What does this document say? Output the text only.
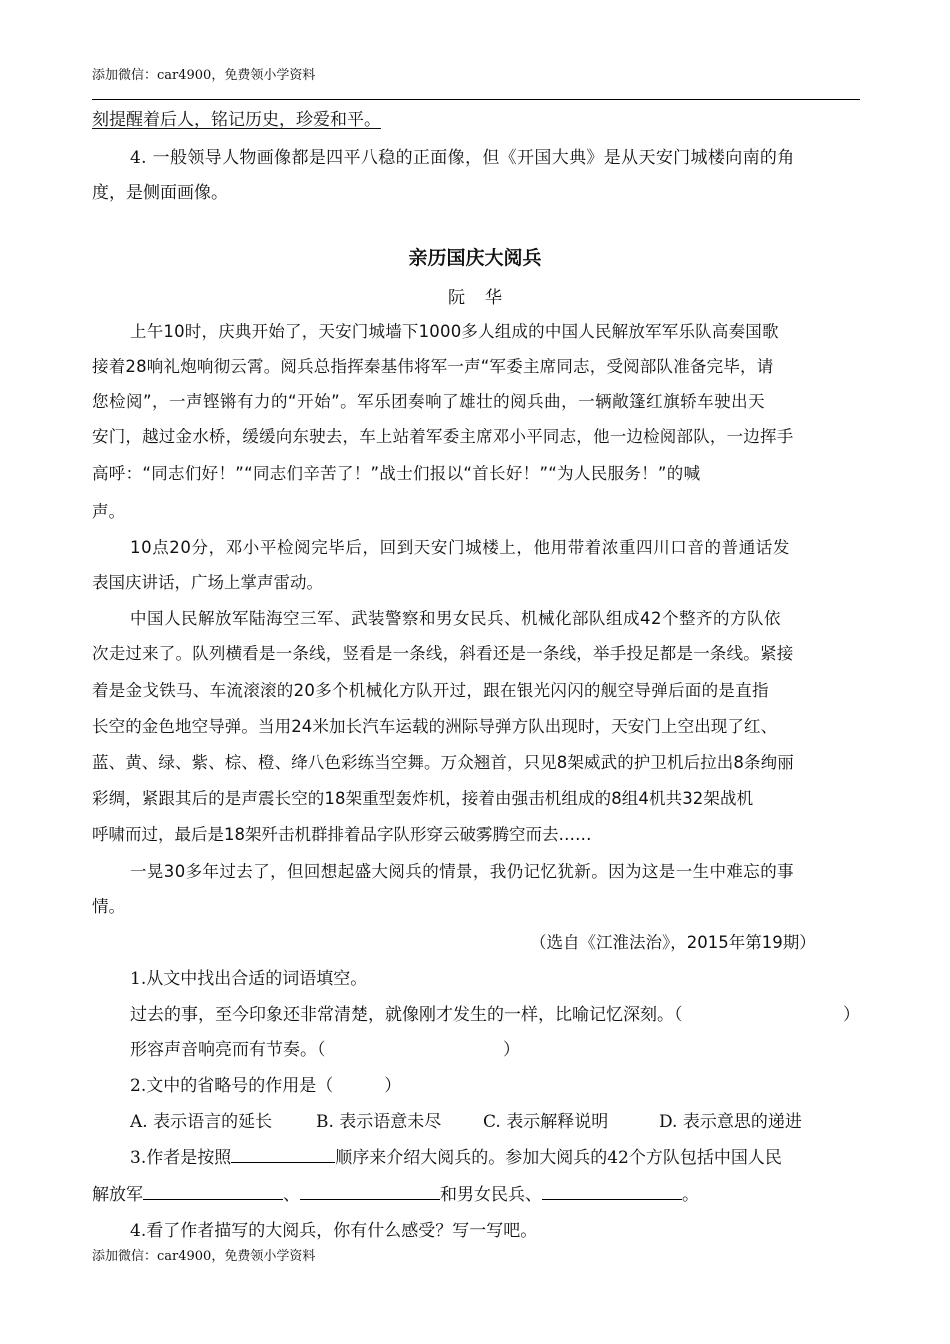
添加微信：car4900，免费领小学资料
刻提醒着后人，铭记历史，珍爱和平。
4. 一般领导人物画像都是四平八稳的正面像，但《开国大典》是从天安门城楼向南的角
度，是侧面画像。
亲历国庆大阅兵
阮华
上午10时，庆典开始了，天安门城墙下1000多人组成的中国人民解放军军乐队高奏国歌
接着28响礼炮响彻云霄。阅兵总指挥秦基伟将军一声“军委主席同志，受阅部队准备完毕，请
您检阅”，一声铿锵有力的“开始”。军乐团奏响了雄壮的阅兵曲，一辆敞篷红旗轿车驶出天
安门，越过金水桥，缓缓向东驶去，车上站着军委主席邓小平同志，他一边检阅部队，一边挥手
高呼：“同志们好！”“同志们辛苦了！”战士们报以“首长好！”“为人民服务！”的喊
声。
10点20分，邓小平检阅完毕后，回到天安门城楼上，他用带着浓重四川口音的普通话发
表国庆讲话，广场上掌声雷动。
中国人民解放军陆海空三军、武装警察和男女民兵、机械化部队组成42个整齐的方队依
次走过来了。队列横看是一条线，竖看是一条线，斜看还是一条线，举手投足都是一条线。紧接
着是金戈铁马、车流滚滚的20多个机械化方队开过，跟在银光闪闪的舰空导弹后面的是直指
长空的金色地空导弹。当用24米加长汽车运载的洲际导弹方队出现时，天安门上空出现了红、
蓝、黄、绿、紫、棕、橙、绛八色彩练当空舞。万众翘首，只见8架威武的护卫机后拉出8条绚丽
彩绸，紧跟其后的是声震长空的18架重型轰炸机，接着由强击机组成的8组4机共32架战机
呼啸而过，最后是18架歼击机群排着品字队形穿云破雾腾空而去……
一晃30多年过去了，但回想起盛大阅兵的情景，我仍记忆犹新。因为这是一生中难忘的事
情。
（选自《江淮法治》，2015年第19期）
1.从文中找出合适的词语填空。
过去的事，至今印象还非常清楚，就像刚才发生的一样，比喻记忆深刻。（	）
形容声音响亮而有节奏。（	）
2.文中的省略号的作用是（　　　）
A. 表示语言的延长	B. 表示语意未尽 C. 表示解释说明	D. 表示意思的递进
3.作者是按照	顺序来介绍大阅兵的。参加大阅兵的42个方队包括中国人民
解放军	、	和男女民兵、	。
4.看了作者描写的大阅兵，你有什么感受？写一写吧。
添加微信：car4900，免费领小学资料
